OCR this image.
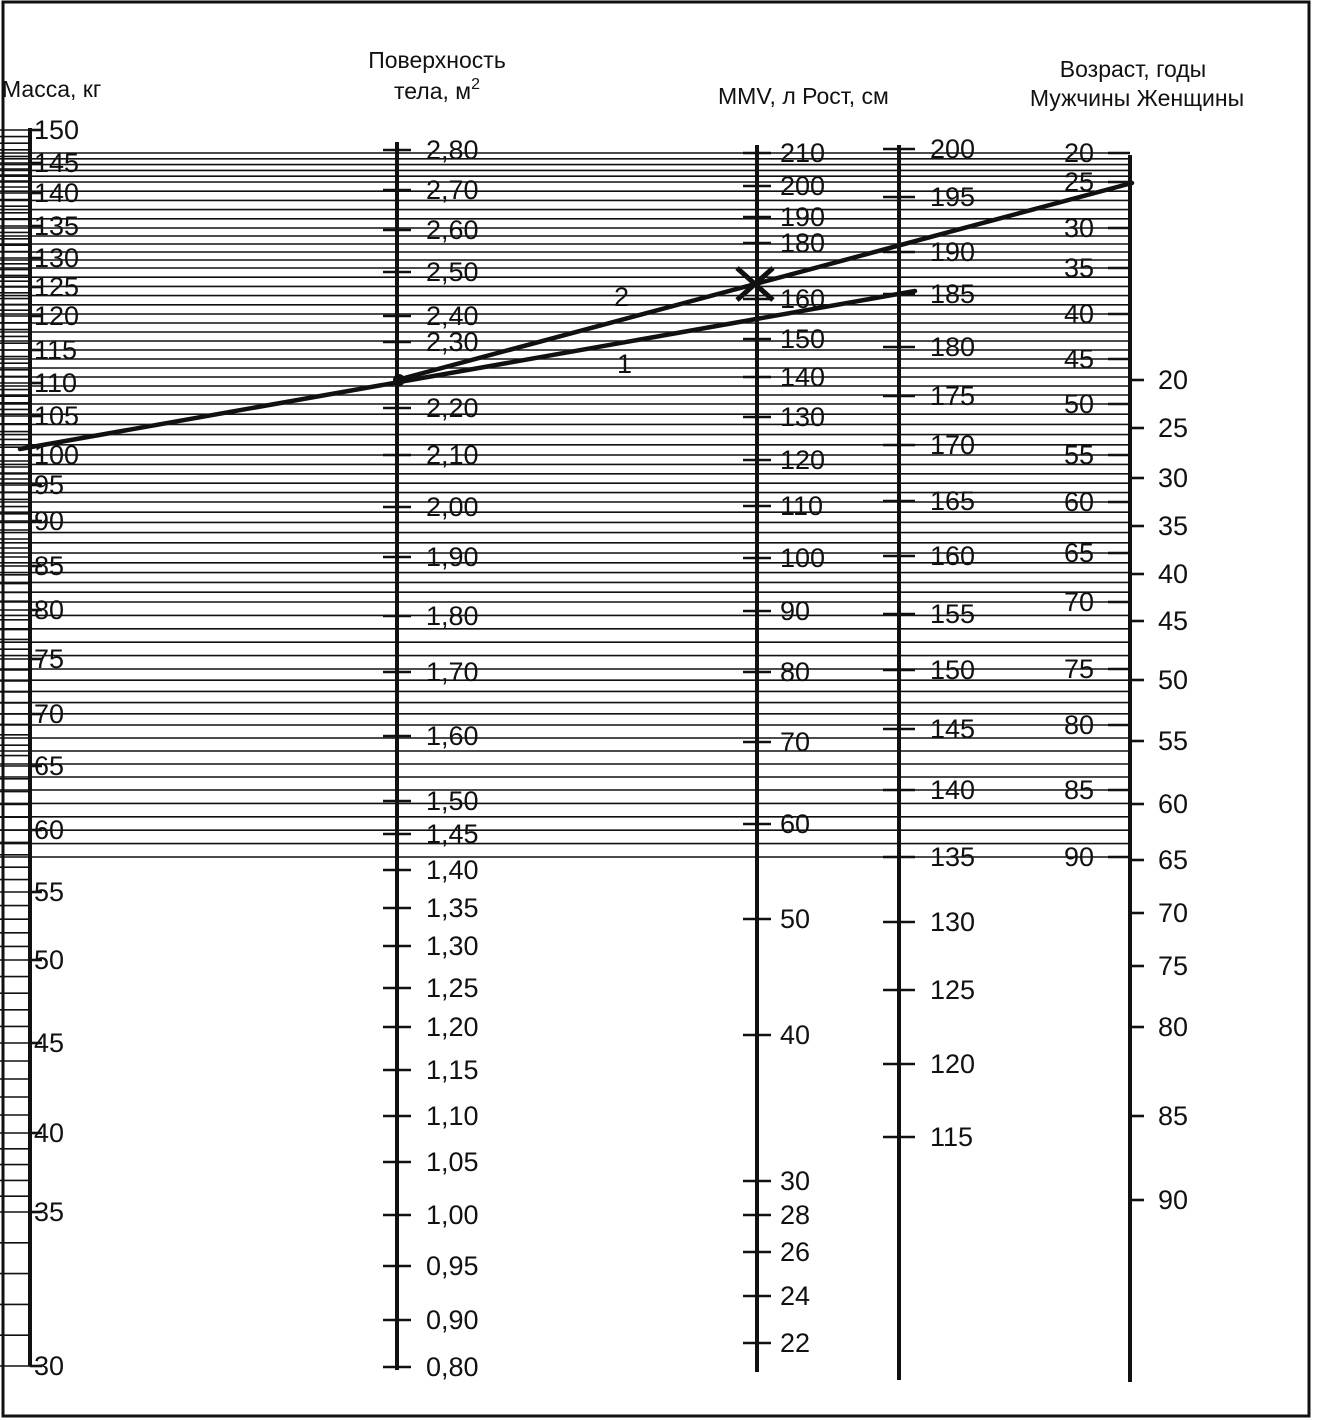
Масса, кг
Поверхность
тела, $м^2$	MMV, л Рост, см
Возраст, годы
Мужчины Женщины
150
145
140
135
130
125
120
115
110
105
100
95
90
85
80
75
70
65
60
55
50
45
40
35
30
2,80
2,70
2,60
2,50
2,40
2,30
2,20
2,10
2,00
1,90
1,80
1,70
1,60
1,50
1,45
1,40
1,35
1,30
1,25
1,20
1,15
1,10
1,05
1,00
0,95
0,90
0,80
210
200
190
180
160
150
140
130
120
110
100
90
80
70
60
50
40
30
28
26
24
22
200
195
190
185
180
175
170
165
160
155
150
145
140
135
130
125
120
115
20
25
30
35
40
45
50
55
60
65
70
75
80
85
90
20
25
30
35
40
45
50
55
60
65
70
75
80
85
90
1
2
